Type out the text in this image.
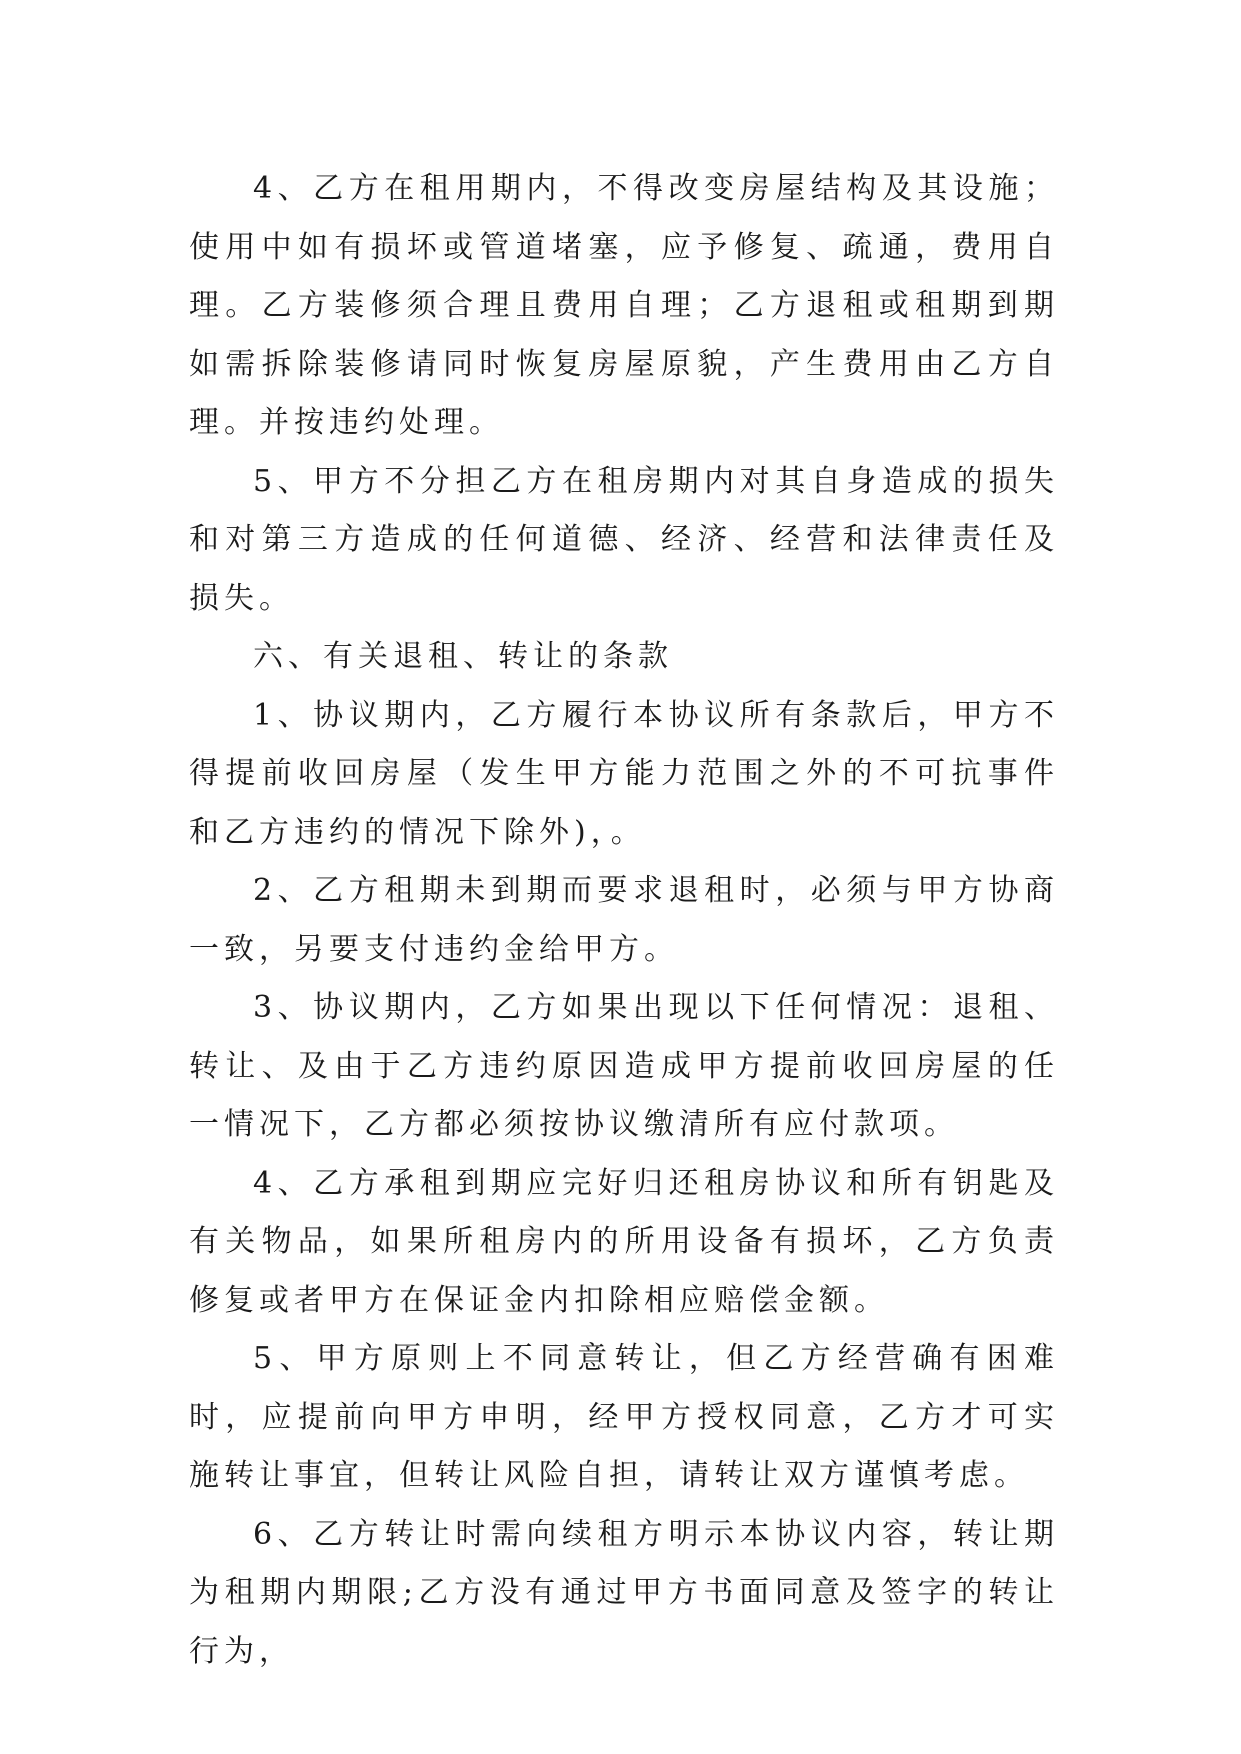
4、乙方在租用期内，不得改变房屋结构及其设施；使用中如有损坏或管道堵塞，应予修复、疏通，费用自理。乙方装修须合理且费用自理；乙方退租或租期到期如需拆除装修请同时恢复房屋原貌，产生费用由乙方自理。并按违约处理。

5、甲方不分担乙方在租房期内对其自身造成的损失和对第三方造成的任何道德、经济、经营和法律责任及损失。

六、有关退租、转让的条款

1、协议期内，乙方履行本协议所有条款后，甲方不得提前收回房屋（发生甲方能力范围之外的不可抗事件和乙方违约的情况下除外)，。

2、乙方租期未到期而要求退租时，必须与甲方协商一致，另要支付违约金给甲方。

3、协议期内，乙方如果出现以下任何情况：退租、转让、及由于乙方违约原因造成甲方提前收回房屋的任一情况下，乙方都必须按协议缴清所有应付款项。

4、乙方承租到期应完好归还租房协议和所有钥匙及有关物品，如果所租房内的所用设备有损坏，乙方负责修复或者甲方在保证金内扣除相应赔偿金额。

5、甲方原则上不同意转让，但乙方经营确有困难时，应提前向甲方申明，经甲方授权同意，乙方才可实施转让事宜，但转让风险自担，请转让双方谨慎考虑。

6、乙方转让时需向续租方明示本协议内容，转让期为租期内期限;乙方没有通过甲方书面同意及签字的转让行为，
